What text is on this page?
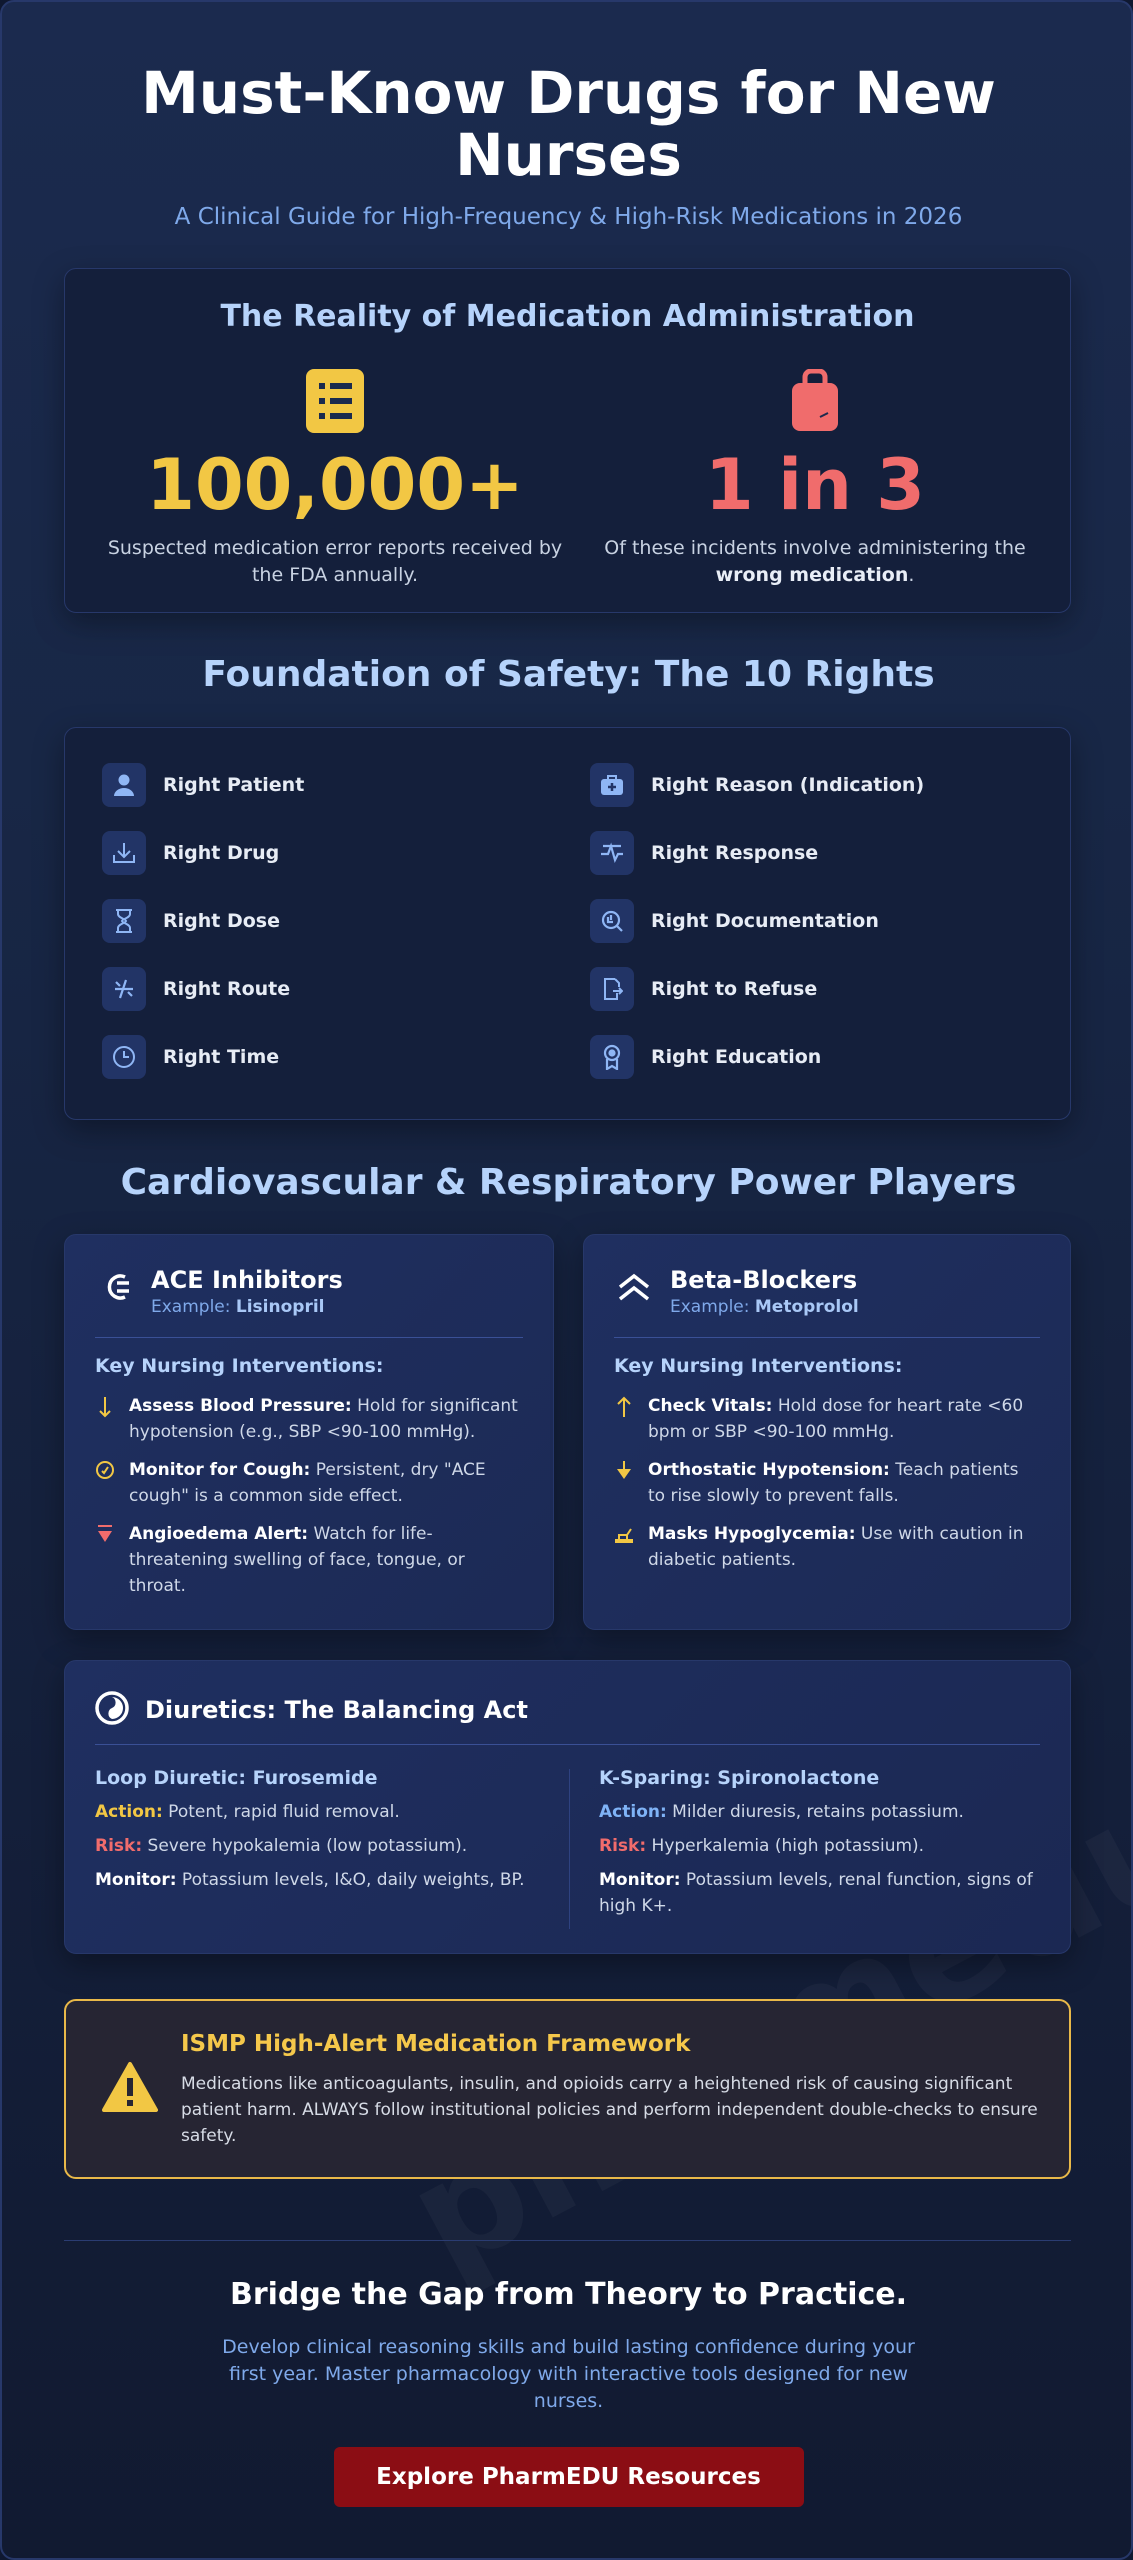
Must-Know Drugs for New Nurses

A Clinical Guide for High-Frequency & High-Risk Medications in 2026

The Reality of Medication Administration
100,000+
Suspected medication error reports received by the FDA annually.
1 in 3
Of these incidents involve administering the wrong medication.
Foundation of Safety: The 10 Rights
Right Patient
Right Drug
Right Dose
Right Route
Right Time
Right Reason (Indication)
Right Response
Right Documentation
Right to Refuse
Right Education
Cardiovascular & Respiratory Power Players
ACE Inhibitors
Example: Lisinopril
Key Nursing Interventions:
Assess Blood Pressure: Hold for significant hypotension (e.g., SBP <90-100 mmHg).
Monitor for Cough: Persistent, dry "ACE cough" is a common side effect.
Angioedema Alert: Watch for life-threatening swelling of face, tongue, or throat.
Beta-Blockers
Example: Metoprolol
Key Nursing Interventions:
Check Vitals: Hold dose for heart rate <60 bpm or SBP <90-100 mmHg.
Orthostatic Hypotension: Teach patients to rise slowly to prevent falls.
Masks Hypoglycemia: Use with caution in diabetic patients.
Diuretics: The Balancing Act
Loop Diuretic: Furosemide

Action: Potent, rapid fluid removal.

Risk: Severe hypokalemia (low potassium).

Monitor: Potassium levels, I&O, daily weights, BP.

K-Sparing: Spironolactone

Action: Milder diuresis, retains potassium.

Risk: Hyperkalemia (high potassium).

Monitor: Potassium levels, renal function, signs of high K+.

ISMP High-Alert Medication Framework

Medications like anticoagulants, insulin, and opioids carry a heightened risk of causing significant patient harm. ALWAYS follow institutional policies and perform independent double-checks to ensure safety.

Bridge the Gap from Theory to Practice.

Develop clinical reasoning skills and build lasting confidence during your first year. Master pharmacology with interactive tools designed for new nurses.

Explore PharmEDU Resources
